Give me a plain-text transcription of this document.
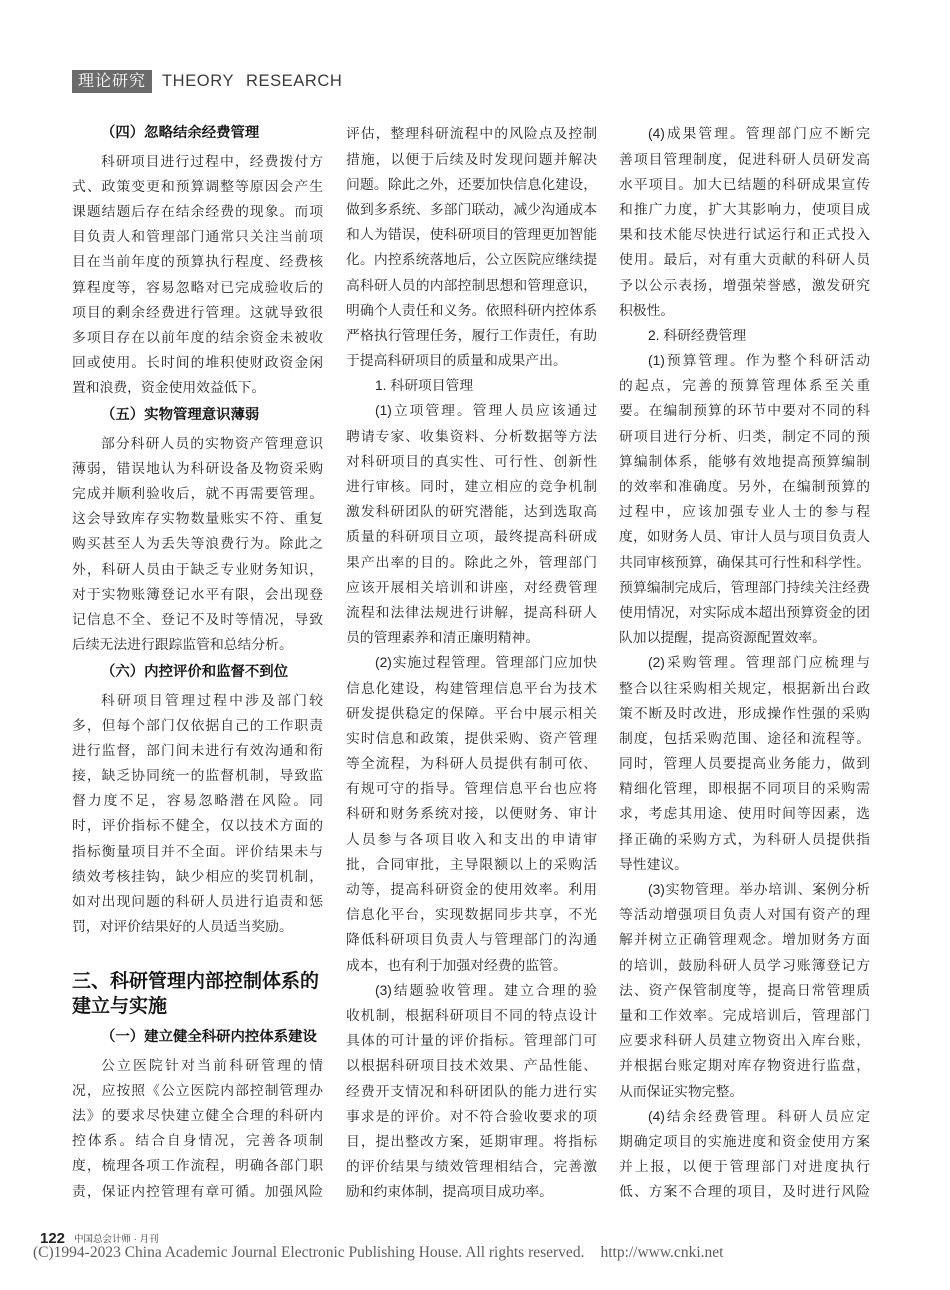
理论研究 THEORY RESEARCH
（四）忽略结余经费管理
科研项目进行过程中，经费拨付方
式、政策变更和预算调整等原因会产生
课题结题后存在结余经费的现象。而项
目负责人和管理部门通常只关注当前项
目在当前年度的预算执行程度、经费核
算程度等，容易忽略对已完成验收后的
项目的剩余经费进行管理。这就导致很
多项目存在以前年度的结余资金未被收
回或使用。长时间的堆积使财政资金闲
置和浪费，资金使用效益低下。
（五）实物管理意识薄弱
部分科研人员的实物资产管理意识
薄弱，错误地认为科研设备及物资采购
完成并顺利验收后，就不再需要管理。
这会导致库存实物数量账实不符、重复
购买甚至人为丢失等浪费行为。除此之
外，科研人员由于缺乏专业财务知识，
对于实物账簿登记水平有限，会出现登
记信息不全、登记不及时等情况，导致
后续无法进行跟踪监管和总结分析。
（六）内控评价和监督不到位
科研项目管理过程中涉及部门较
多，但每个部门仅依据自己的工作职责
进行监督，部门间未进行有效沟通和衔
接，缺乏协同统一的监督机制，导致监
督力度不足，容易忽略潜在风险。同
时，评价指标不健全，仅以技术方面的
指标衡量项目并不全面。评价结果未与
绩效考核挂钩，缺少相应的奖罚机制，
如对出现问题的科研人员进行追责和惩
罚，对评价结果好的人员适当奖励。
三、科研管理内部控制体系的
建立与实施
（一）建立健全科研内控体系建设
公立医院针对当前科研管理的情
况，应按照《公立医院内部控制管理办
法》的要求尽快建立健全合理的科研内
控体系。结合自身情况，完善各项制
度，梳理各项工作流程，明确各部门职
责，保证内控管理有章可循。加强风险
评估，整理科研流程中的风险点及控制
措施，以便于后续及时发现问题并解决
问题。除此之外，还要加快信息化建设，
做到多系统、多部门联动，减少沟通成本
和人为错误，使科研项目的管理更加智能
化。内控系统落地后，公立医院应继续提
高科研人员的内部控制思想和管理意识，
明确个人责任和义务。依照科研内控体系
严格执行管理任务，履行工作责任，有助
于提高科研项目的质量和成果产出。
1. 科研项目管理
(1)立项管理。管理人员应该通过
聘请专家、收集资料、分析数据等方法
对科研项目的真实性、可行性、创新性
进行审核。同时，建立相应的竞争机制
激发科研团队的研究潜能，达到选取高
质量的科研项目立项，最终提高科研成
果产出率的目的。除此之外，管理部门
应该开展相关培训和讲座，对经费管理
流程和法律法规进行讲解，提高科研人
员的管理素养和清正廉明精神。
(2)实施过程管理。管理部门应加快
信息化建设，构建管理信息平台为技术
研发提供稳定的保障。平台中展示相关
实时信息和政策，提供采购、资产管理
等全流程，为科研人员提供有制可依、
有规可守的指导。管理信息平台也应将
科研和财务系统对接，以便财务、审计
人员参与各项目收入和支出的申请审
批，合同审批，主导限额以上的采购活
动等，提高科研资金的使用效率。利用
信息化平台，实现数据同步共享，不光
降低科研项目负责人与管理部门的沟通
成本，也有利于加强对经费的监管。
(3)结题验收管理。建立合理的验
收机制，根据科研项目不同的特点设计
具体的可计量的评价指标。管理部门可
以根据科研项目技术效果、产品性能、
经费开支情况和科研团队的能力进行实
事求是的评价。对不符合验收要求的项
目，提出整改方案，延期审理。将指标
的评价结果与绩效管理相结合，完善激
励和约束体制，提高项目成功率。
(4)成果管理。管理部门应不断完
善项目管理制度，促进科研人员研发高
水平项目。加大已结题的科研成果宣传
和推广力度，扩大其影响力，使项目成
果和技术能尽快进行试运行和正式投入
使用。最后，对有重大贡献的科研人员
予以公示表扬，增强荣誉感，激发研究
积极性。
2. 科研经费管理
(1)预算管理。作为整个科研活动
的起点，完善的预算管理体系至关重
要。在编制预算的环节中要对不同的科
研项目进行分析、归类，制定不同的预
算编制体系，能够有效地提高预算编制
的效率和准确度。另外，在编制预算的
过程中，应该加强专业人士的参与程
度，如财务人员、审计人员与项目负责人
共同审核预算，确保其可行性和科学性。
预算编制完成后，管理部门持续关注经费
使用情况，对实际成本超出预算资金的团
队加以提醒，提高资源配置效率。
(2)采购管理。管理部门应梳理与
整合以往采购相关规定，根据新出台政
策不断及时改进，形成操作性强的采购
制度，包括采购范围、途径和流程等。
同时，管理人员要提高业务能力，做到
精细化管理，即根据不同项目的采购需
求，考虑其用途、使用时间等因素，选
择正确的采购方式，为科研人员提供指
导性建议。
(3)实物管理。举办培训、案例分析
等活动增强项目负责人对国有资产的理
解并树立正确管理观念。增加财务方面
的培训，鼓励科研人员学习账簿登记方
法、资产保管制度等，提高日常管理质
量和工作效率。完成培训后，管理部门
应要求科研人员建立物资出入库台账，
并根据台账定期对库存物资进行监盘，
从而保证实物完整。
(4)结余经费管理。科研人员应定
期确定项目的实施进度和资金使用方案
并上报，以便于管理部门对进度执行
低、方案不合理的项目，及时进行风险
122 中国总会计师 · 月刊
(C)1994-2023 China Academic Journal Electronic Publishing House. All rights reserved. http://www.cnki.net
